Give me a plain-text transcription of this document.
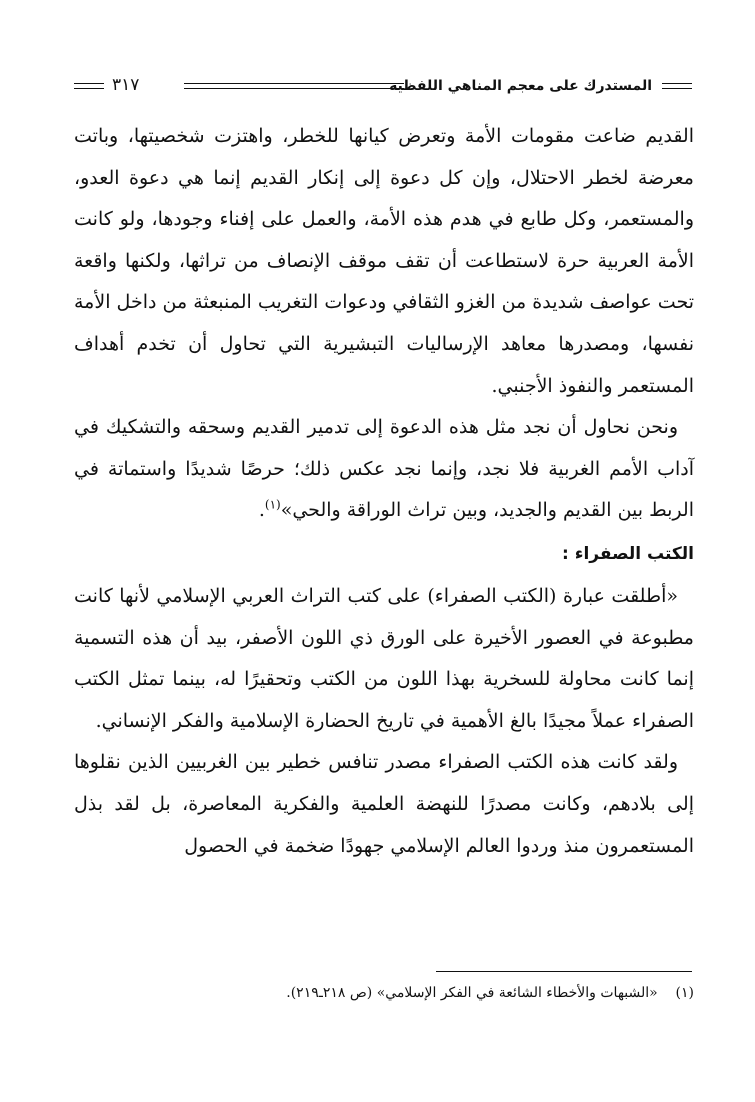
المستدرك على معجم المناهي اللفظية
٣١٧

القديم ضاعت مقومات الأمة وتعرض كيانها للخطر، واهتزت شخصيتها، وباتت معرضة لخطر الاحتلال، وإن كل دعوة إلى إنكار القديم إنما هي دعوة العدو، والمستعمر، وكل طابع في هدم هذه الأمة، والعمل على إفناء وجودها، ولو كانت الأمة العربية حرة لاستطاعت أن تقف موقف الإنصاف من تراثها، ولكنها واقعة تحت عواصف شديدة من الغزو الثقافي ودعوات التغريب المنبعثة من داخل الأمة نفسها، ومصدرها معاهد الإرساليات التبشيرية التي تحاول أن تخدم أهداف المستعمر والنفوذ الأجنبي.

ونحن نحاول أن نجد مثل هذه الدعوة إلى تدمير القديم وسحقه والتشكيك في آداب الأمم الغربية فلا نجد، وإنما نجد عكس ذلك؛ حرصًا شديدًا واستماتة في الربط بين القديم والجديد، وبين تراث الوراقة والحي»$^{(١)}$.

الكتب الصفراء :

«أطلقت عبارة (الكتب الصفراء) على كتب التراث العربي الإسلامي لأنها كانت مطبوعة في العصور الأخيرة على الورق ذي اللون الأصفر، بيد أن هذه التسمية إنما كانت محاولة للسخرية بهذا اللون من الكتب وتحقيرًا له، بينما تمثل الكتب الصفراء عملاً مجيدًا بالغ الأهمية في تاريخ الحضارة الإسلامية والفكر الإنساني.

ولقد كانت هذه الكتب الصفراء مصدر تنافس خطير بين الغربيين الذين نقلوها إلى بلادهم، وكانت مصدرًا للنهضة العلمية والفكرية المعاصرة، بل لقد بذل المستعمرون منذ وردوا العالم الإسلامي جهودًا ضخمة في الحصول

(١)    «الشبهات والأخطاء الشائعة في الفكر الإسلامي» (ص ٢١٨ـ٢١٩).
